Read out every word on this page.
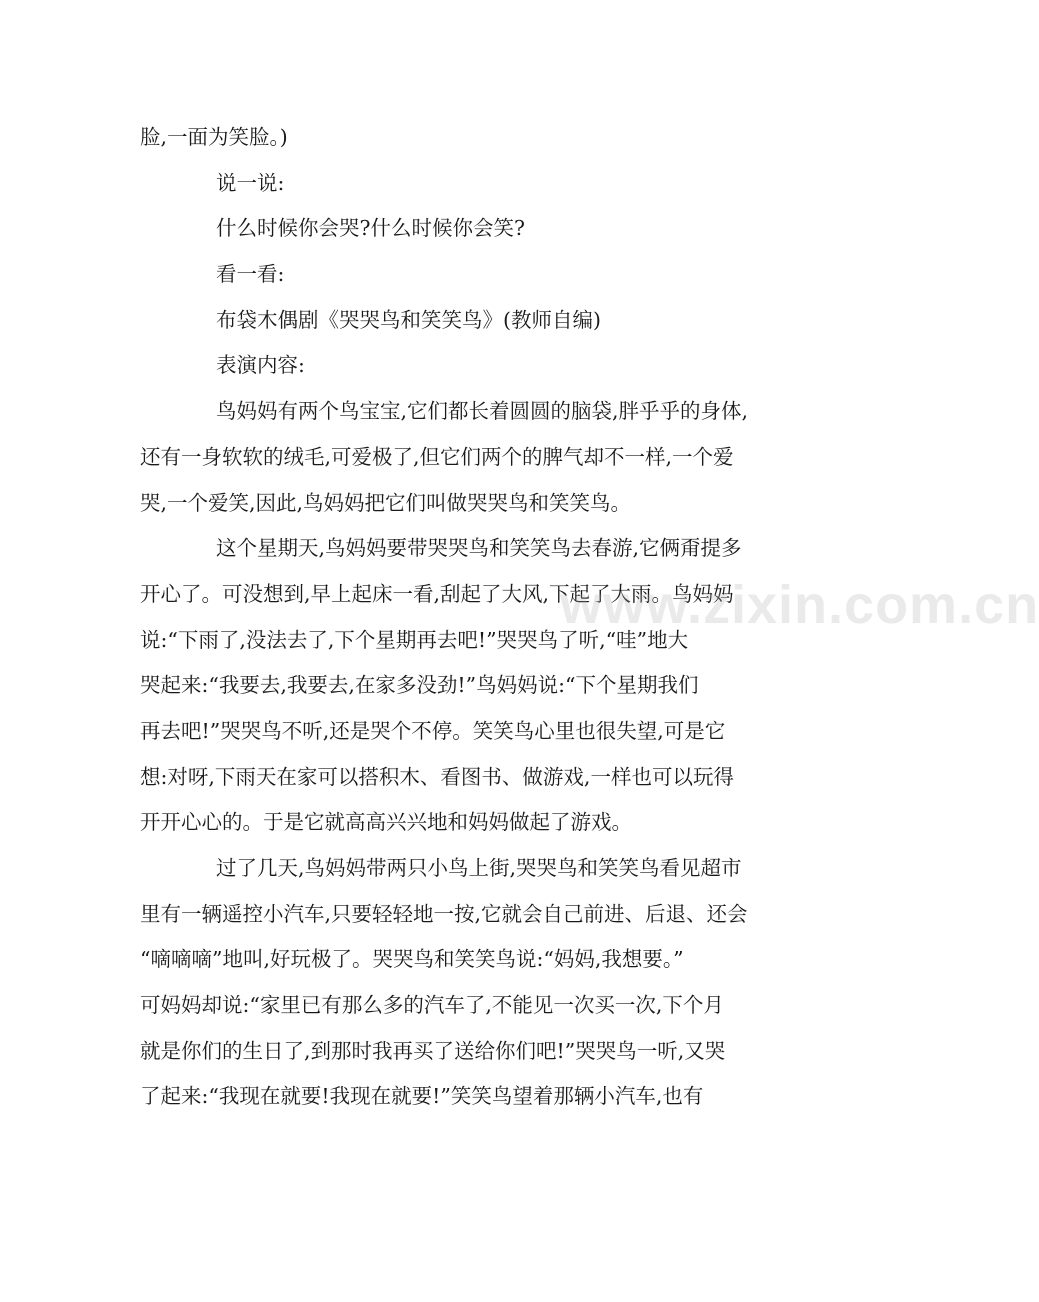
脸,一面为笑脸。)
说一说:
什么时候你会哭?什么时候你会笑?
看一看:
布袋木偶剧《哭哭鸟和笑笑鸟》(教师自编)
表演内容:
鸟妈妈有两个鸟宝宝,它们都长着圆圆的脑袋,胖乎乎的身体,
还有一身软软的绒毛,可爱极了,但它们两个的脾气却不一样,一个爱
哭,一个爱笑,因此,鸟妈妈把它们叫做哭哭鸟和笑笑鸟。
这个星期天,鸟妈妈要带哭哭鸟和笑笑鸟去春游,它俩甭提多
开心了。可没想到,早上起床一看,刮起了大风,下起了大雨。鸟妈妈
说:“下雨了,没法去了,下个星期再去吧!”哭哭鸟了听,“哇”地大
哭起来:“我要去,我要去,在家多没劲!”鸟妈妈说:“下个星期我们
再去吧!”哭哭鸟不听,还是哭个不停。笑笑鸟心里也很失望,可是它
想:对呀,下雨天在家可以搭积木、看图书、做游戏,一样也可以玩得
开开心心的。于是它就高高兴兴地和妈妈做起了游戏。
过了几天,鸟妈妈带两只小鸟上街,哭哭鸟和笑笑鸟看见超市
里有一辆遥控小汽车,只要轻轻地一按,它就会自己前进、后退、还会
“嘀嘀嘀”地叫,好玩极了。哭哭鸟和笑笑鸟说:“妈妈,我想要。”
可妈妈却说:“家里已有那么多的汽车了,不能见一次买一次,下个月
就是你们的生日了,到那时我再买了送给你们吧!”哭哭鸟一听,又哭
了起来:“我现在就要!我现在就要!”笑笑鸟望着那辆小汽车,也有
www.zixin.com.cn
